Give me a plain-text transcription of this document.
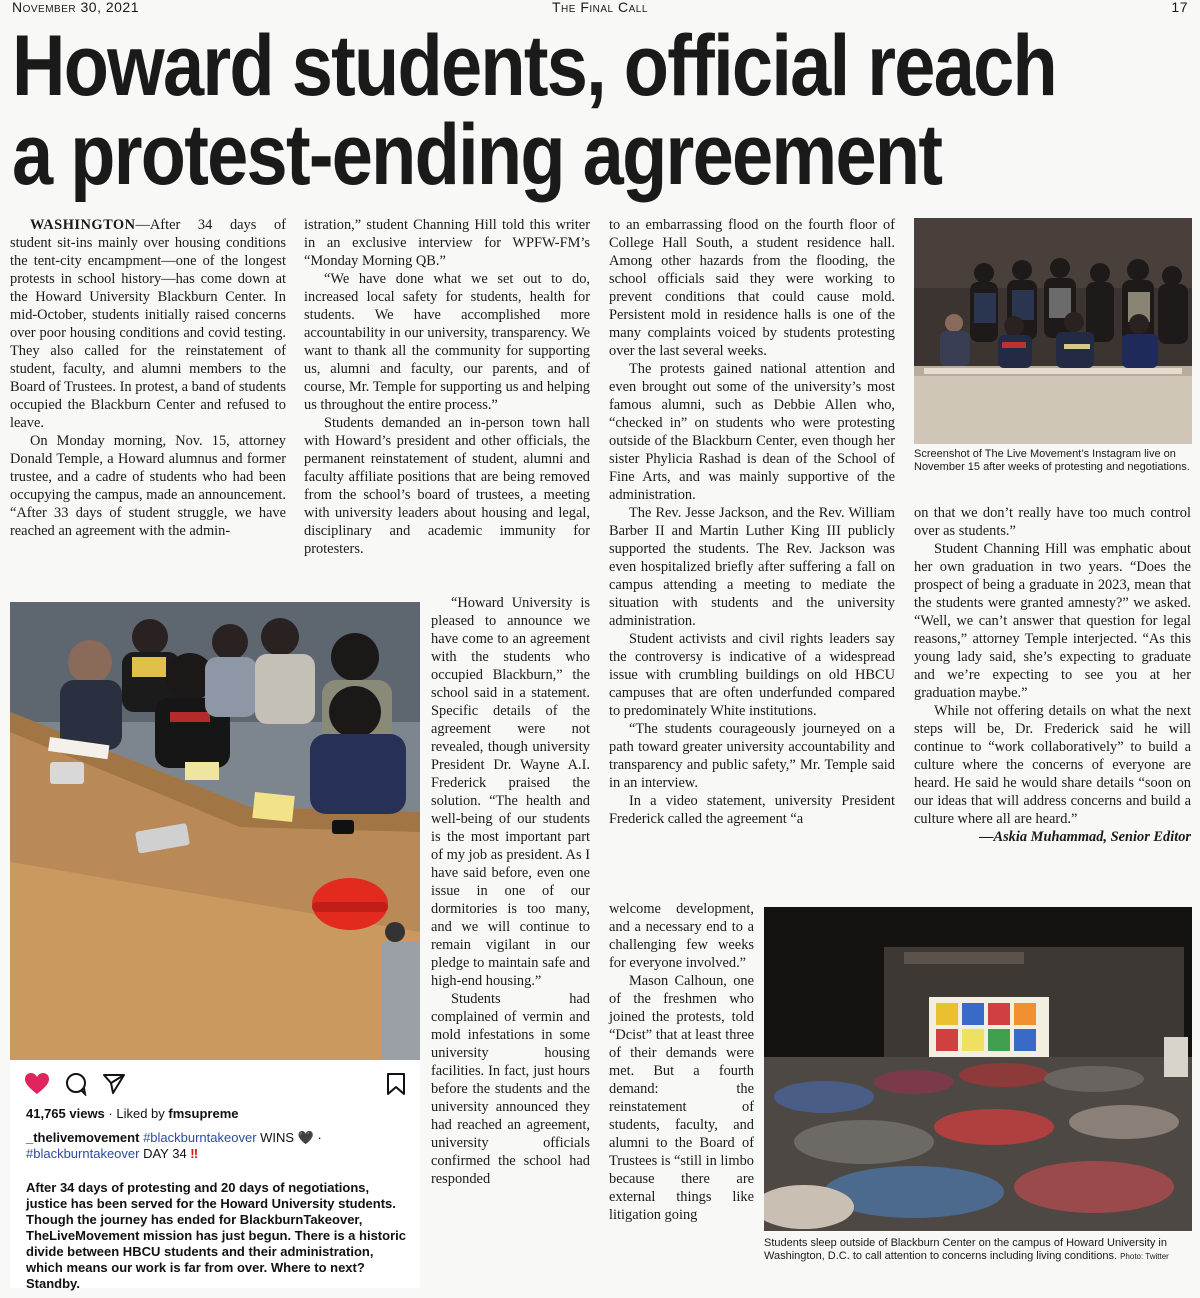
November 30, 2021	The Final Call	17
Howard students, official reach
a protest-ending agreement

WASHINGTON—After 34 days of student sit-ins mainly over housing conditions the tent-city encampment—one of the longest protests in school history—has come down at the Howard University Blackburn Center. In mid-October, students initially raised concerns over poor housing conditions and covid testing. They also called for the reinstatement of student, faculty, and alumni members to the Board of Trustees. In protest, a band of students occupied the Blackburn Center and refused to leave.

On Monday morning, Nov. 15, attorney Donald Temple, a Howard alumnus and former trustee, and a cadre of students who had been occupying the campus, made an announcement. “After 33 days of student struggle, we have reached an agreement with the admin-

istration,” student Channing Hill told this writer in an exclusive interview for WPFW-FM’s “Monday Morning QB.”

“We have done what we set out to do, increased local safety for students, health for students. We have accomplished more accountability in our university, transparency. We want to thank all the community for supporting us, alumni and faculty, our parents, and of course, Mr. Temple for supporting us and helping us throughout the entire process.”

Students demanded an in-person town hall with Howard’s president and other officials, the permanent reinstatement of student, alumni and faculty affiliate positions that are being removed from the school’s board of trustees, a meeting with university leaders about housing and legal, disciplinary and academic immunity for protesters.

“Howard University is pleased to announce we have come to an agreement with the students who occupied Blackburn,” the school said in a statement. Specific details of the agreement were not revealed, though university President Dr. Wayne A.I. Frederick praised the solution. “The health and well-being of our students is the most important part of my job as president. As I have said before, even one issue in one of our dormitories is too many, and we will continue to remain vigilant in our pledge to maintain safe and high-end housing.”

Students had complained of vermin and mold infestations in some university housing facilities. In fact, just hours before the students and the university announced they had reached an agreement, university officials confirmed the school had responded

to an embarrassing flood on the fourth floor of College Hall South, a student residence hall. Among other hazards from the flooding, the school officials said they were working to prevent conditions that could cause mold. Persistent mold in residence halls is one of the many complaints voiced by students protesting over the last several weeks.

The protests gained national attention and even brought out some of the university’s most famous alumni, such as Debbie Allen who, “checked in” on students who were protesting outside of the Blackburn Center, even though her sister Phylicia Rashad is dean of the School of Fine Arts, and was mainly supportive of the administration.

The Rev. Jesse Jackson, and the Rev. William Barber II and Martin Luther King III publicly supported the students. The Rev. Jackson was even hospitalized briefly after suffering a fall on campus attending a meeting to mediate the situation with students and the university administration.

Student activists and civil rights leaders say the controversy is indicative of a widespread issue with crumbling buildings on old HBCU campuses that are often underfunded compared to predominately White institutions.

“The students courageously journeyed on a path toward greater university accountability and transparency and public safety,” Mr. Temple said in an interview.

In a video statement, university President Frederick called the agreement “a

welcome development, and a necessary end to a challenging few weeks for everyone involved.”

Mason Calhoun, one of the freshmen who joined the protests, told “Dcist” that at least three of their demands were met. But a fourth demand: the reinstatement of students, faculty, and alumni to the Board of Trustees is “still in limbo because there are external things like litigation going

on that we don’t really have too much control over as students.”

Student Channing Hill was emphatic about her own graduation in two years. “Does the prospect of being a graduate in 2023, mean that the students were granted amnesty?” we asked. “Well, we can’t answer that question for legal reasons,” attorney Temple interjected. “As this young lady said, she’s expecting to graduate and we’re expecting to see you at her graduation maybe.”

While not offering details on what the next steps will be, Dr. Frederick said he will continue to “work collaboratively” to build a culture where the concerns of everyone are heard. He said he would share details “soon on our ideas that will address concerns and build a culture where all are heard.”

—Askia Muhammad, Senior Editor

Screenshot of The Live Movement’s Instagram live on November 15 after weeks of protesting and negotiations.
41,765 views · Liked by fmsupreme
_thelivemovement #blackburntakeover WINS 🖤 ·
#blackburntakeover DAY 34 ‼
After 34 days of protesting and 20 days of negotiations, justice has been served for the Howard University students. Though the journey has ended for BlackburnTakeover, TheLiveMovement mission has just begun. There is a historic divide between HBCU students and their administration, which means our work is far from over. Where to next? Standby.
Students sleep outside of Blackburn Center on the campus of Howard University in Washington, D.C. to call attention to concerns including living conditions. Photo: Twitter
